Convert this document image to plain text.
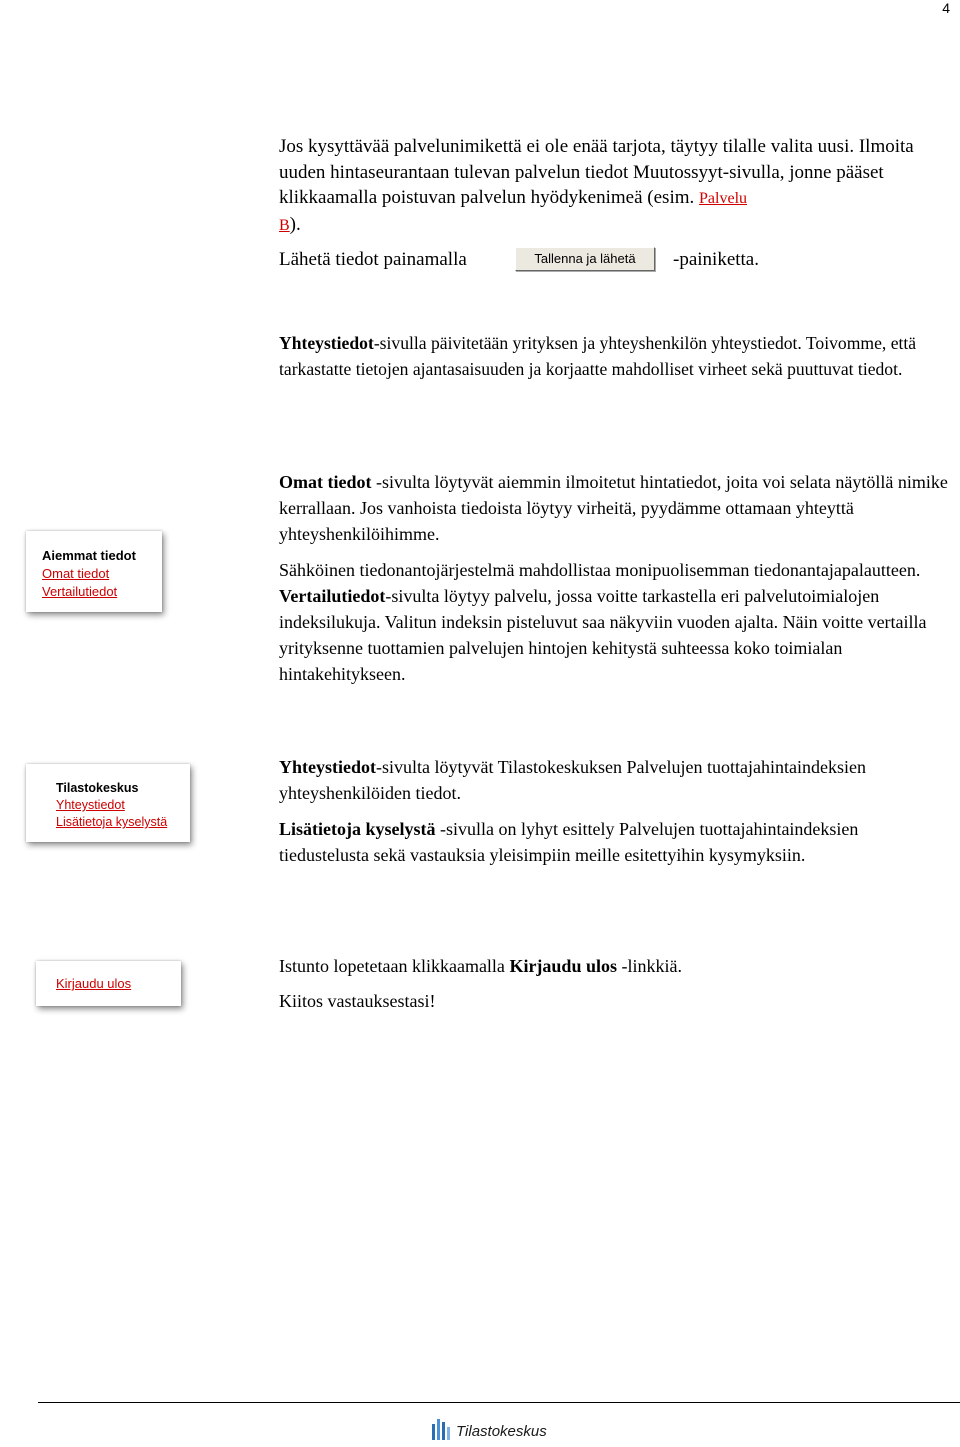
4
Jos kysyttävää palvelunimikettä ei ole enää tarjota, täytyy tilalle valita uusi. Ilmoita uuden hintaseurantaan tulevan palvelun tiedot Muutossyyt-sivulla, jonne pääset klikkaamalla poistuvan palvelun hyödykenimeä (esim. Palvelu
B).
Lähetä tiedot painamalla	Tallenna ja lähetä	-painiketta.
Yhteystiedot-sivulla päivitetään yrityksen ja yhteyshenkilön yhteystiedot. Toivomme, että tarkastatte tietojen ajantasaisuuden ja korjaatte mahdolliset virheet sekä puuttuvat tiedot.
Aiemmat tiedot
Omat tiedot
Vertailutiedot
Omat tiedot -sivulta löytyvät aiemmin ilmoitetut hintatiedot, joita voi selata näytöllä nimike kerrallaan. Jos vanhoista tiedoista löytyy virheitä, pyydämme ottamaan yhteyttä yhteyshenkilöihimme.
Sähköinen tiedonantojärjestelmä mahdollistaa monipuolisemman tiedonantajapalautteen. Vertailutiedot-sivulta löytyy palvelu, jossa voitte tarkastella eri palvelutoimialojen indeksilukuja. Valitun indeksin pisteluvut saa näkyviin vuoden ajalta. Näin voitte vertailla yrityksenne tuottamien palvelujen hintojen kehitystä suhteessa koko toimialan hintakehitykseen.
Tilastokeskus
Yhteystiedot
Lisätietoja kyselystä
Yhteystiedot-sivulta löytyvät Tilastokeskuksen Palvelujen tuottajahintaindeksien yhteyshenkilöiden tiedot.
Lisätietoja kyselystä -sivulla on lyhyt esittely Palvelujen tuottajahintaindeksien tiedustelusta sekä vastauksia yleisimpiin meille esitettyihin kysymyksiin.
Kirjaudu ulos
Istunto lopetetaan klikkaamalla Kirjaudu ulos -linkkiä.
Kiitos vastauksestasi!
Tilastokeskus
